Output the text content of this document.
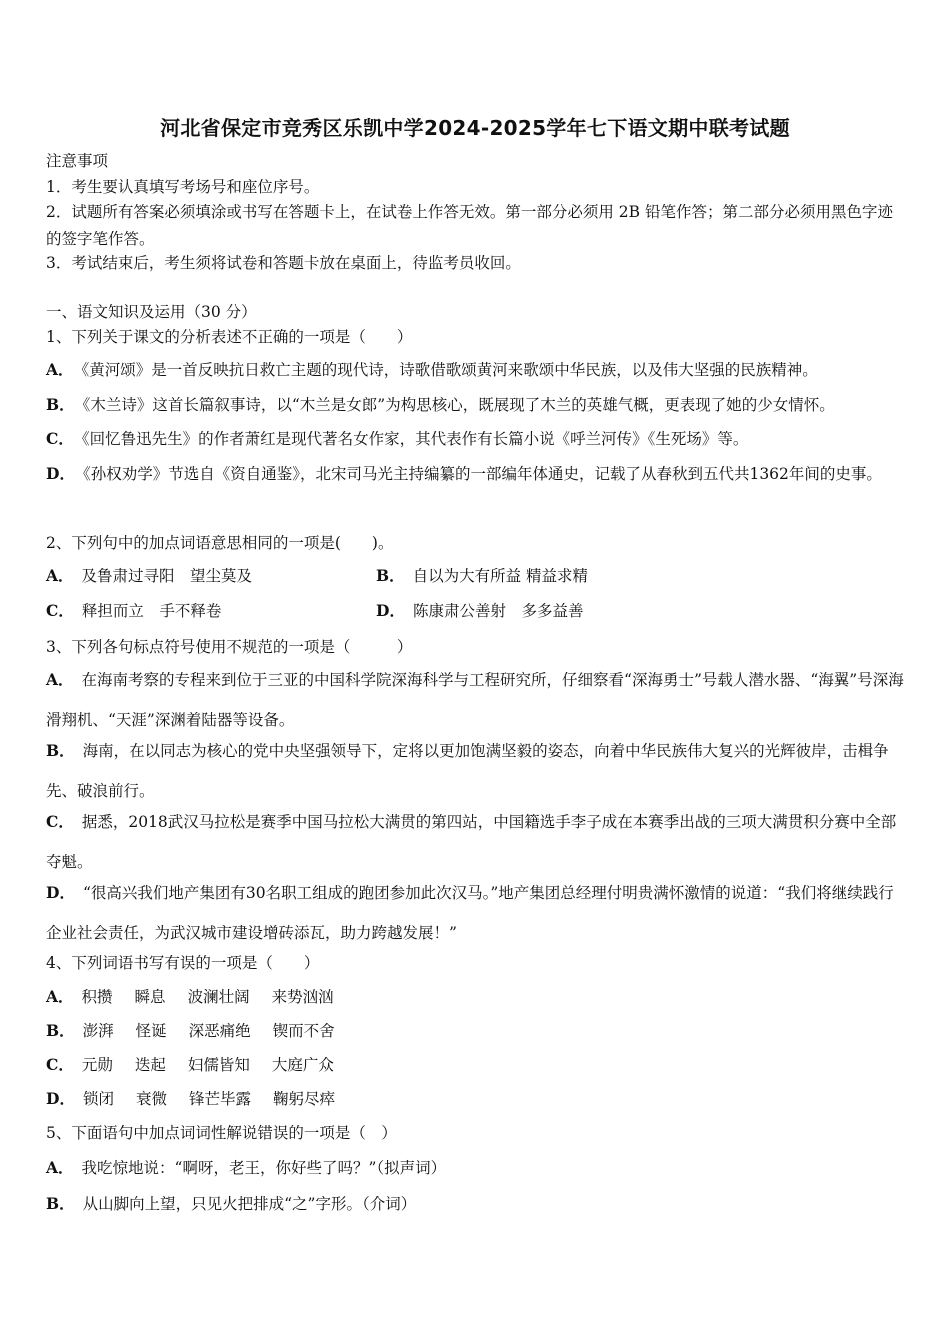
河北省保定市竞秀区乐凯中学2024-2025学年七下语文期中联考试题
注意事项
1．考生要认真填写考场号和座位序号。
2．试题所有答案必须填涂或书写在答题卡上，在试卷上作答无效。第一部分必须用 2B 铅笔作答；第二部分必须用黑色字迹的签字笔作答。
3．考试结束后，考生须将试卷和答题卡放在桌面上，待监考员收回。
一、语文知识及运用（30 分）
1、下列关于课文的分析表述不正确的一项是（　　）
A． 《黄河颂》是一首反映抗日救亡主题的现代诗，诗歌借歌颂黄河来歌颂中华民族，以及伟大坚强的民族精神。
B． 《木兰诗》这首长篇叙事诗，以“木兰是女郎”为构思核心，既展现了木兰的英雄气概，更表现了她的少女情怀。
C． 《回忆鲁迅先生》的作者萧红是现代著名女作家，其代表作有长篇小说《呼兰河传》《生死场》等。
D． 《孙权劝学》节选自《资自通鉴》，北宋司马光主持编纂的一部编年体通史，记载了从春秋到五代共1362年间的史事。
2、下列句中的加点词语意思相同的一项是(　　)。
A． 及鲁肃过寻阳　望尘莫及	B． 自以为大有所益 精益求精
C． 释担而立　手不释卷	D． 陈康肃公善射　多多益善
3、下列各句标点符号使用不规范的一项是（　　　）
A． 在海南考察的专程来到位于三亚的中国科学院深海科学与工程研究所，仔细察看“深海勇士”号载人潜水器、“海翼”号深海滑翔机、“天涯”深渊着陆器等设备。
B． 海南，在以同志为核心的党中央坚强领导下，定将以更加饱满坚毅的姿态，向着中华民族伟大复兴的光辉彼岸，击楫争先、破浪前行。
C． 据悉，2018武汉马拉松是赛季中国马拉松大满贯的第四站，中国籍选手李子成在本赛季出战的三项大满贯积分赛中全部夺魁。
D． “很高兴我们地产集团有30名职工组成的跑团参加此次汉马。”地产集团总经理付明贵满怀激情的说道：“我们将继续践行企业社会责任，为武汉城市建设增砖添瓦，助力跨越发展！”
4、下列词语书写有误的一项是（　　）
A． 积攒 瞬息 波澜壮阔 来势汹汹
B． 澎湃 怪诞 深恶痛绝 锲而不舍
C． 元勋 迭起 妇儒皆知 大庭广众
D． 锁闭 衰微 锋芒毕露 鞠躬尽瘁
5、下面语句中加点词词性解说错误的一项是（　）
A． 我吃惊地说：“啊呀，老王，你好些了吗？”（拟声词）
B． 从山脚向上望，只见火把排成“之”字形。（介词）
